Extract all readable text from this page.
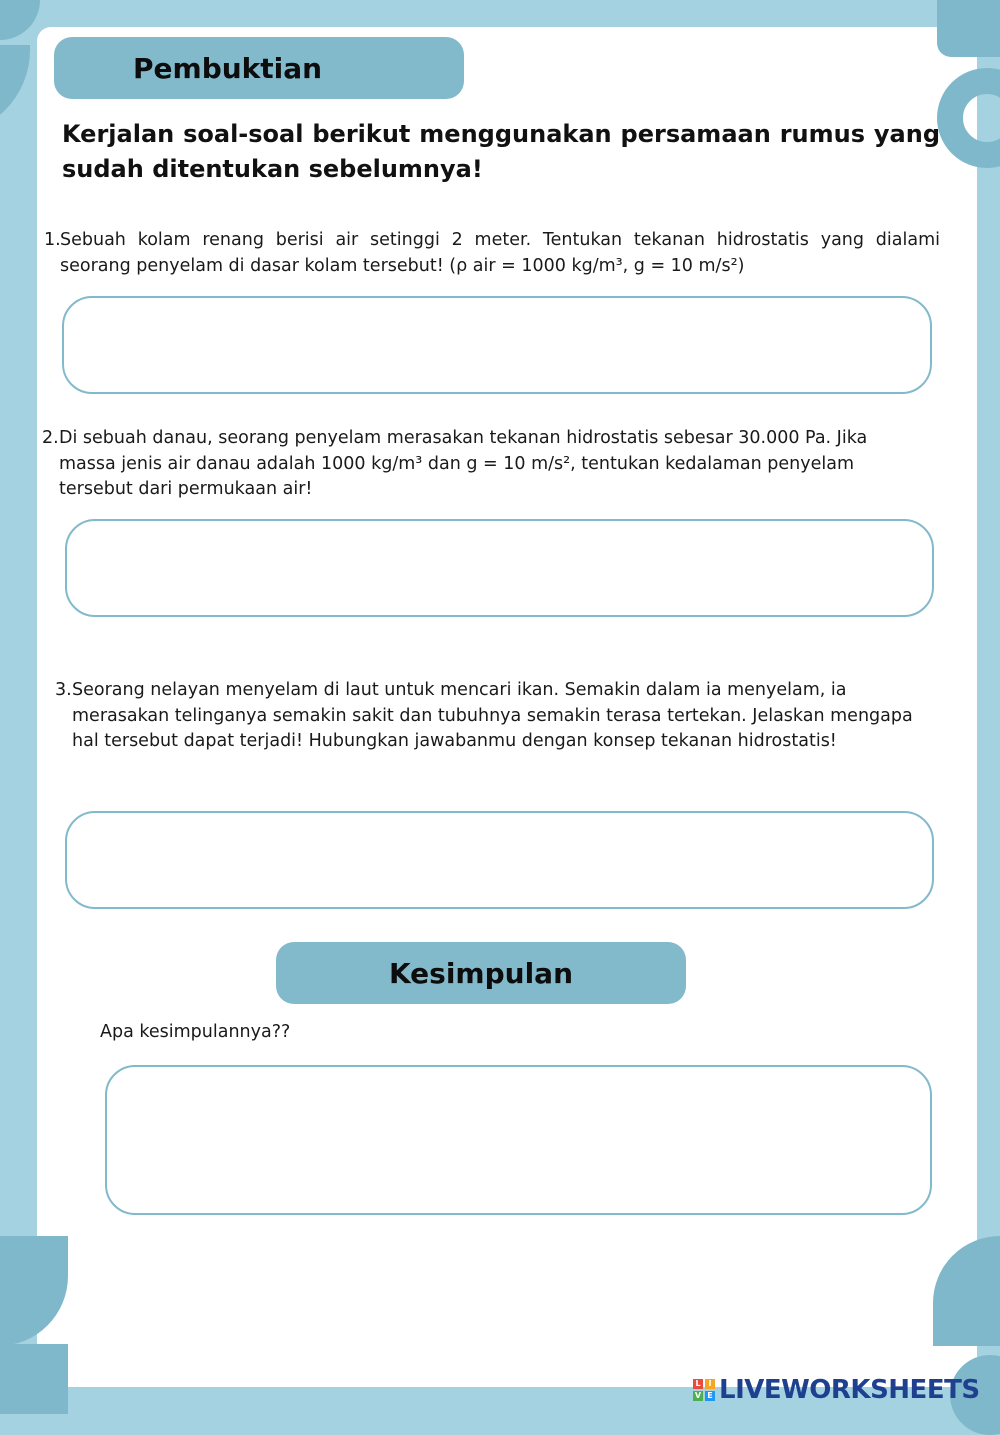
Pembuktian
Kerjalan soal-soal berikut menggunakan persamaan rumus yang sudah ditentukan sebelumnya!
1. Sebuah kolam renang berisi air setinggi 2 meter. Tentukan tekanan hidrostatis yang dialami seorang penyelam di dasar kolam tersebut! (ρ air = 1000 kg/m³, g = 10 m/s²)
2. Di sebuah danau, seorang penyelam merasakan tekanan hidrostatis sebesar 30.000 Pa. Jika massa jenis air danau adalah 1000 kg/m³ dan g = 10 m/s², tentukan kedalaman penyelam tersebut dari permukaan air!
3. Seorang nelayan menyelam di laut untuk mencari ikan. Semakin dalam ia menyelam, ia merasakan telinganya semakin sakit dan tubuhnya semakin terasa tertekan. Jelaskan mengapa hal tersebut dapat terjadi! Hubungkan jawabanmu dengan konsep tekanan hidrostatis!
Kesimpulan
Apa kesimpulannya??
L I
V E LIVEWORKSHEETS
